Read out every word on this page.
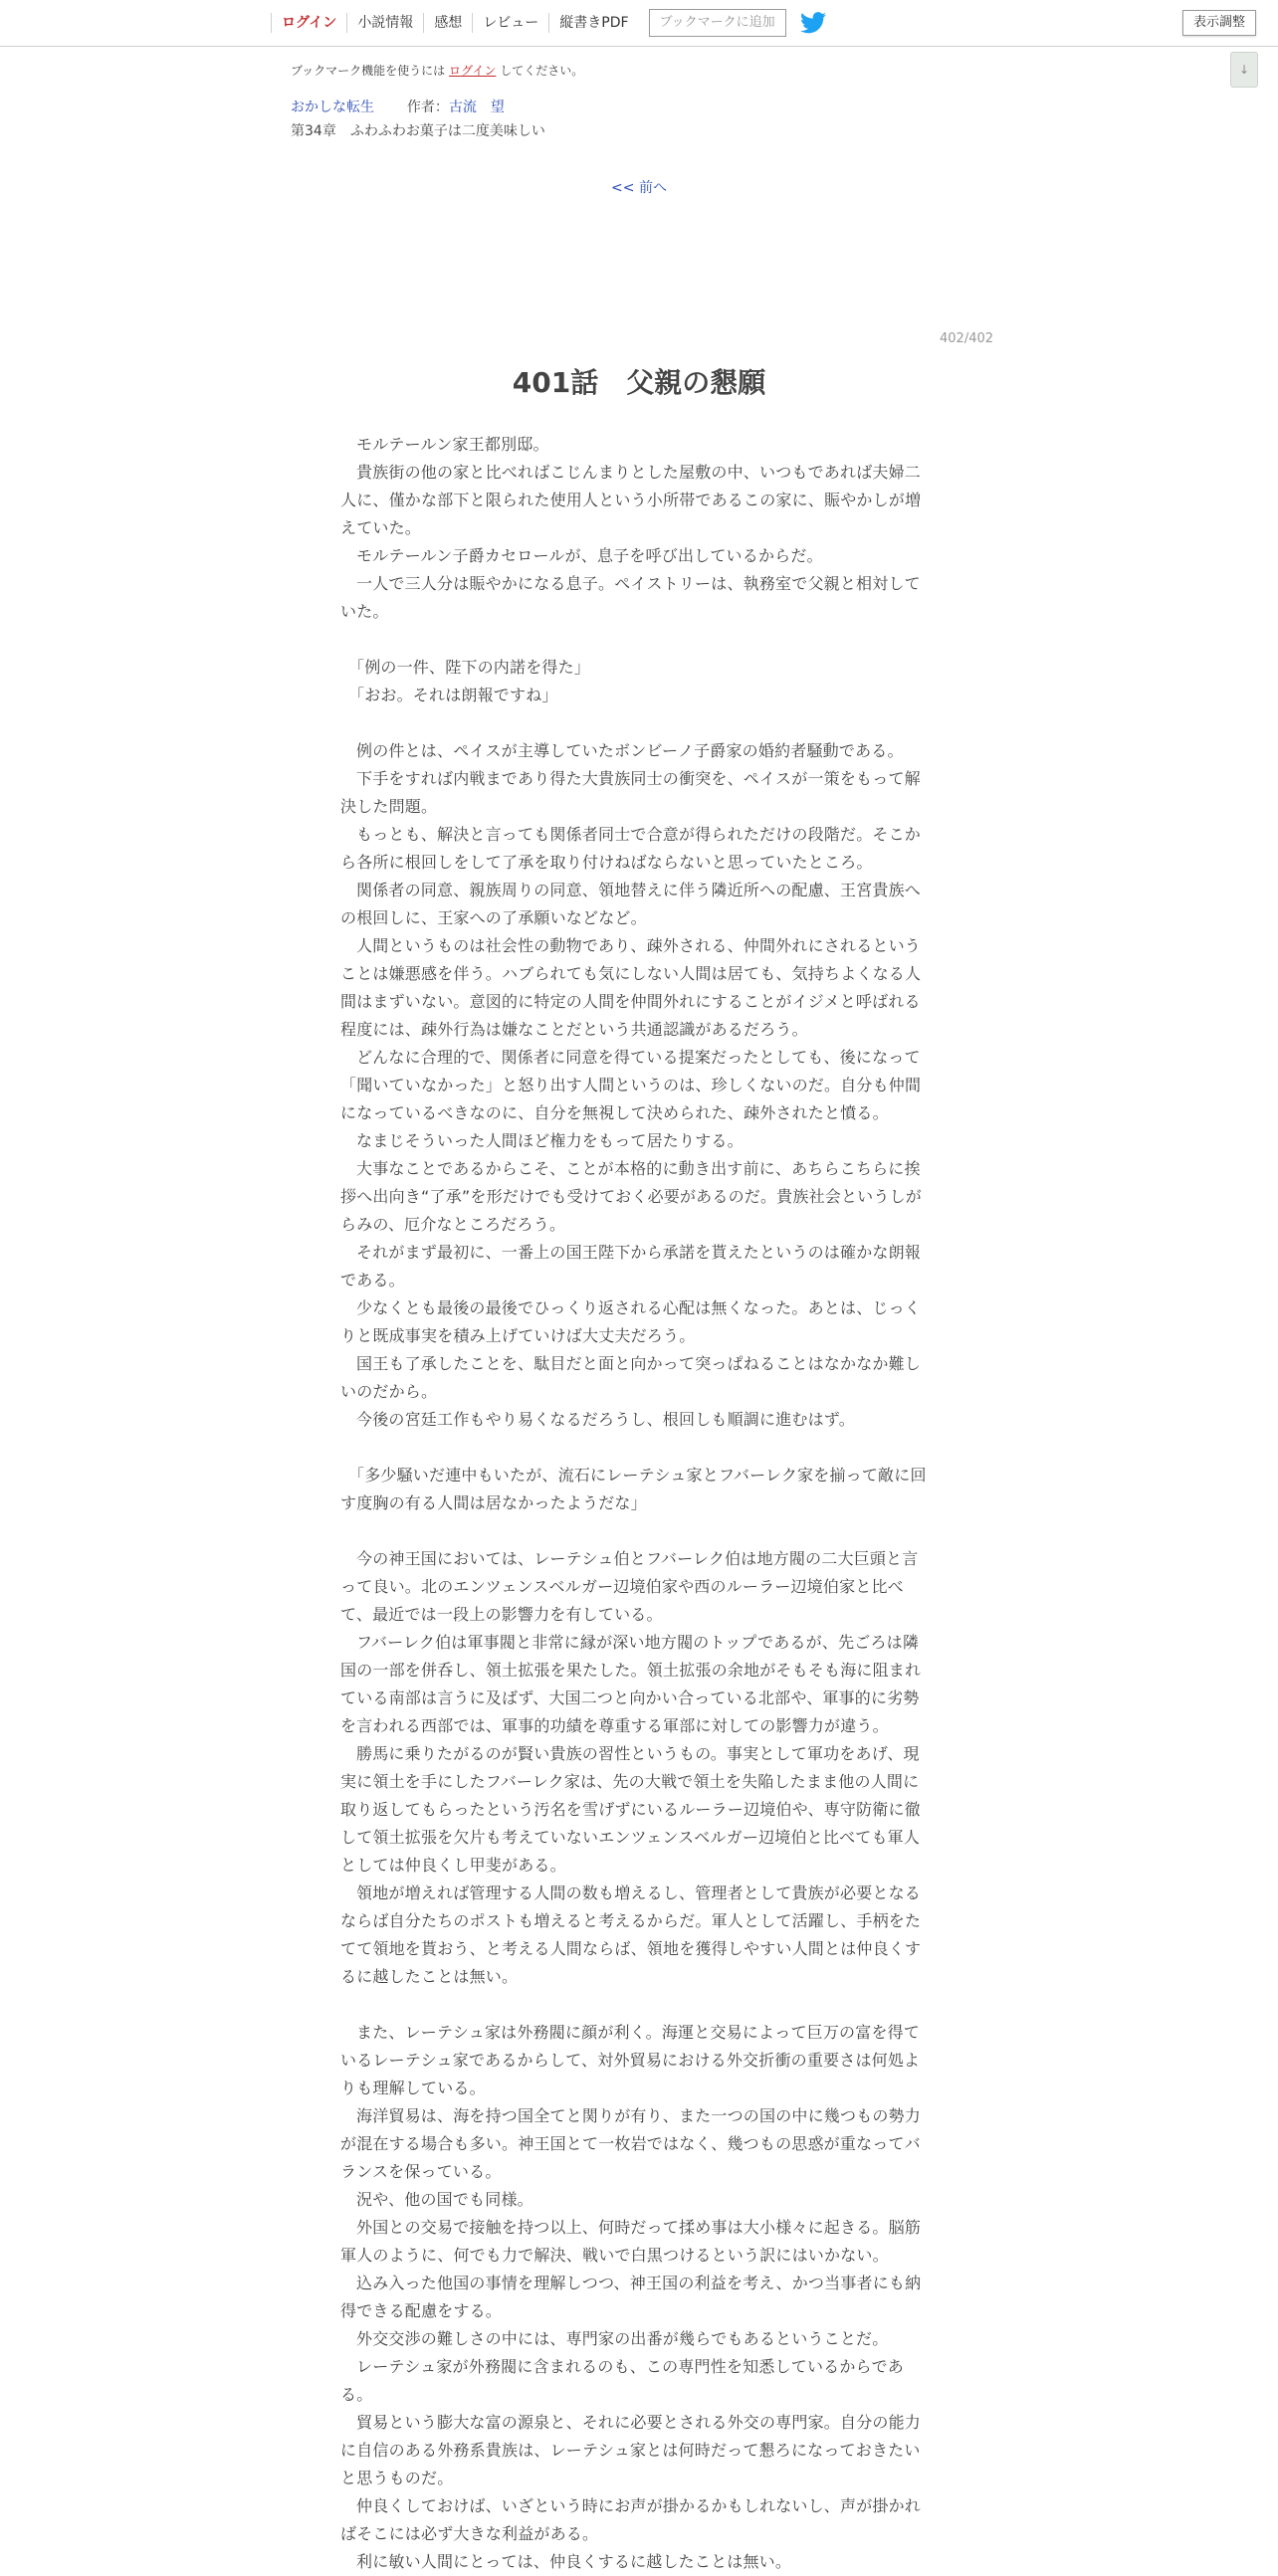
ログイン	小説情報	感想	レビュー	縦書きPDF	ブックマークに追加	表示調整
↓
ブックマーク機能を使うには ログイン してください。
おかしな転生 作者：古流　望
第34章　ふわふわお菓子は二度美味しい
<< 前へ
402/402
401話　父親の懇願

モルテールン家王都別邸。

貴族街の他の家と比べればこじんまりとした屋敷の中、いつもであれば夫婦二人に、僅かな部下と限られた使用人という小所帯であるこの家に、賑やかしが増えていた。

モルテールン子爵カセロールが、息子を呼び出しているからだ。

一人で三人分は賑やかになる息子。ペイストリーは、執務室で父親と相対していた。

「例の一件、陛下の内諾を得た」

「おお。それは朗報ですね」

例の件とは、ペイスが主導していたボンビーノ子爵家の婚約者騒動である。

下手をすれば内戦まであり得た大貴族同士の衝突を、ペイスが一策をもって解決した問題。

もっとも、解決と言っても関係者同士で合意が得られただけの段階だ。そこから各所に根回しをして了承を取り付けねばならないと思っていたところ。

関係者の同意、親族周りの同意、領地替えに伴う隣近所への配慮、王宮貴族への根回しに、王家への了承願いなどなど。

人間というものは社会性の動物であり、疎外される、仲間外れにされるということは嫌悪感を伴う。ハブられても気にしない人間は居ても、気持ちよくなる人間はまずいない。意図的に特定の人間を仲間外れにすることがイジメと呼ばれる程度には、疎外行為は嫌なことだという共通認識があるだろう。

どんなに合理的で、関係者に同意を得ている提案だったとしても、後になって「聞いていなかった」と怒り出す人間というのは、珍しくないのだ。自分も仲間になっているべきなのに、自分を無視して決められた、疎外されたと憤る。

なまじそういった人間ほど権力をもって居たりする。

大事なことであるからこそ、ことが本格的に動き出す前に、あちらこちらに挨拶へ出向き“了承”を形だけでも受けておく必要があるのだ。貴族社会というしがらみの、厄介なところだろう。

それがまず最初に、一番上の国王陛下から承諾を貰えたというのは確かな朗報である。

少なくとも最後の最後でひっくり返される心配は無くなった。あとは、じっくりと既成事実を積み上げていけば大丈夫だろう。

国王も了承したことを、駄目だと面と向かって突っぱねることはなかなか難しいのだから。

今後の宮廷工作もやり易くなるだろうし、根回しも順調に進むはず。

「多少騒いだ連中もいたが、流石にレーテシュ家とフバーレク家を揃って敵に回す度胸の有る人間は居なかったようだな」

今の神王国においては、レーテシュ伯とフバーレク伯は地方閥の二大巨頭と言って良い。北のエンツェンスベルガー辺境伯家や西のルーラー辺境伯家と比べて、最近では一段上の影響力を有している。

フバーレク伯は軍事閥と非常に縁が深い地方閥のトップであるが、先ごろは隣国の一部を併呑し、領土拡張を果たした。領土拡張の余地がそもそも海に阻まれている南部は言うに及ばず、大国二つと向かい合っている北部や、軍事的に劣勢を言われる西部では、軍事的功績を尊重する軍部に対しての影響力が違う。

勝馬に乗りたがるのが賢い貴族の習性というもの。事実として軍功をあげ、現実に領土を手にしたフバーレク家は、先の大戦で領土を失陥したまま他の人間に取り返してもらったという汚名を雪げずにいるルーラー辺境伯や、専守防衛に徹して領土拡張を欠片も考えていないエンツェンスベルガー辺境伯と比べても軍人としては仲良くし甲斐がある。

領地が増えれば管理する人間の数も増えるし、管理者として貴族が必要となるならば自分たちのポストも増えると考えるからだ。軍人として活躍し、手柄をたてて領地を貰おう、と考える人間ならば、領地を獲得しやすい人間とは仲良くするに越したことは無い。

また、レーテシュ家は外務閥に顔が利く。海運と交易によって巨万の富を得ているレーテシュ家であるからして、対外貿易における外交折衝の重要さは何処よりも理解している。

海洋貿易は、海を持つ国全てと関りが有り、また一つの国の中に幾つもの勢力が混在する場合も多い。神王国とて一枚岩ではなく、幾つもの思惑が重なってバランスを保っている。

況や、他の国でも同様。

外国との交易で接触を持つ以上、何時だって揉め事は大小様々に起きる。脳筋軍人のように、何でも力で解決、戦いで白黒つけるという訳にはいかない。

込み入った他国の事情を理解しつつ、神王国の利益を考え、かつ当事者にも納得できる配慮をする。

外交交渉の難しさの中には、専門家の出番が幾らでもあるということだ。

レーテシュ家が外務閥に含まれるのも、この専門性を知悉しているからである。

貿易という膨大な富の源泉と、それに必要とされる外交の専門家。自分の能力に自信のある外務系貴族は、レーテシュ家とは何時だって懇ろになっておきたいと思うものだ。

仲良くしておけば、いざという時にお声が掛かるかもしれないし、声が掛かればそこには必ず大きな利益がある。

利に敏い人間にとっては、仲良くするに越したことは無い。
